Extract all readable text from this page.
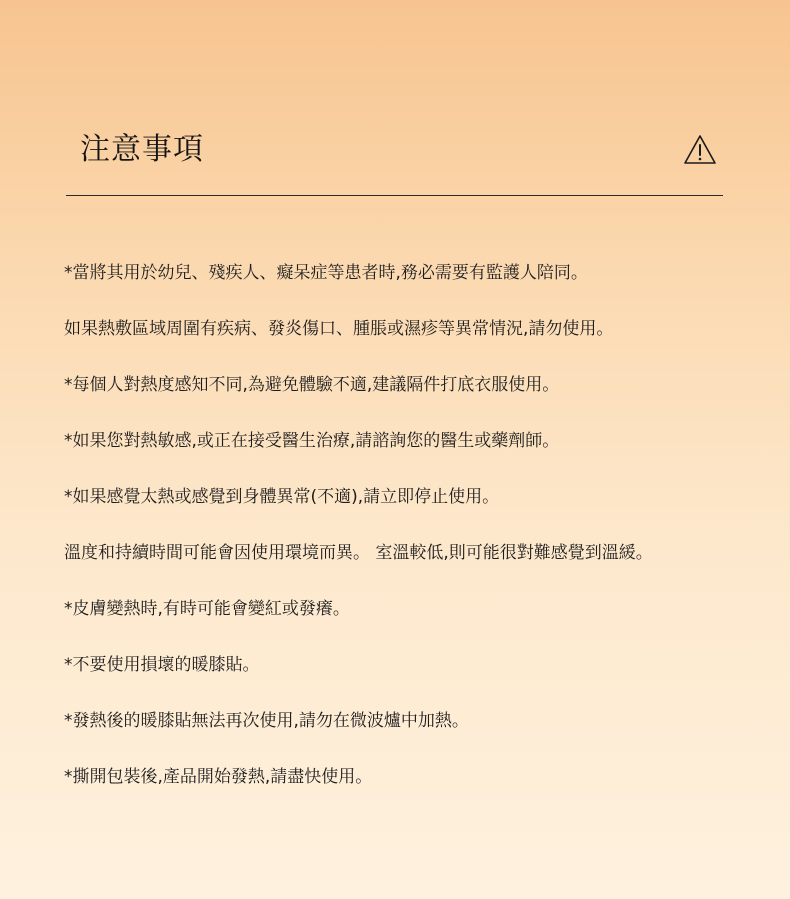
注意事項
*當將其用於幼兒、殘疾人、癡呆症等患者時,務必需要有監護人陪同。
如果熱敷區域周圍有疾病、發炎傷口、腫脹或濕疹等異常情況,請勿使用。
*每個人對熱度感知不同,為避免體驗不適,建議隔件打底衣服使用。
*如果您對熱敏感,或正在接受醫生治療,請諮詢您的醫生或藥劑師。
*如果感覺太熱或感覺到身體異常(不適),請立即停止使用。
溫度和持續時間可能會因使用環境而異。 室溫較低,則可能很對難感覺到溫緩。
*皮膚變熱時,有時可能會變紅或發癢。
*不要使用損壞的暖膝貼。
*發熱後的暖膝貼無法再次使用,請勿在微波爐中加熱。
*撕開包裝後,產品開始發熱,請盡快使用。
